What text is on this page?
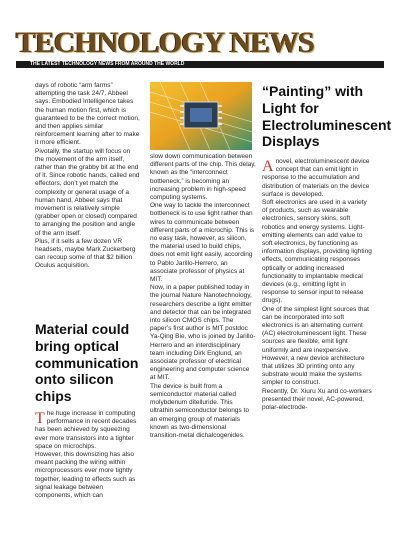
TECHNOLOGY NEWS
THE LATEST TECHNOLOGY NEWS FROM AROUND THE WORLD

days of robotic “arm farms” attempting the task 24/7, Abbeel says. Embodied Intelligence takes the human motion first, which is guaranteed to be the correct motion, and then applies similar reinforcement learning after to make it more efficient.

Pivotally, the startup will focus on the movement of the arm itself, rather than the grabby bit at the end of it. Since robotic hands, called end effectors, don’t yet match the complexity or general usage of a human hand, Abbeel says that movement is relatively simple (grabber open or closed) compared to arranging the position and angle of the arm itself.

Plus, if it sells a few dozen VR headsets, maybe Mark Zuckerberg can recoup some of that $2 billion Oculus acquisition.

Material could bring optical communication onto silicon chips

The huge increase in computing performance in recent decades has been achieved by squeezing ever more transistors into a tighter space on microchips.

However, this downsizing has also meant packing the wiring within microprocessors ever more tightly together, leading to effects such as signal leakage between components, which can

slow down communication between different parts of the chip. This delay, known as the “interconnect bottleneck,” is becoming an increasing problem in high-speed computing systems.

One way to tackle the interconnect bottleneck is to use light rather than wires to communicate between different parts of a microchip. This is no easy task, however, as silicon, the material used to build chips, does not emit light easily, according to Pablo Jarillo-Herrero, an associate professor of physics at MIT.

Now, in a paper published today in the journal Nature Nanotechnology, researchers describe a light emitter and detector that can be integrated into silicon CMOS chips. The paper’s first author is MIT postdoc Ya-Qing Bie, who is joined by Jarillo-Herrero and an interdisciplinary team including Dirk Englund, an associate professor of electrical engineering and computer science at MIT.

The device is built from a semiconductor material called molybdenum ditelluride. This ultrathin semiconductor belongs to an emerging group of materials known as two-dimensional transition-metal dichalcogenides.

“Painting” with Light for Electroluminescent Displays

A novel, electroluminescent device concept that can emit light in response to the accumulation and distribution of materials on the device surface is developed.

Soft electronics are used in a variety of products, such as wearable electronics, sensory skins, soft robotics and energy systems. Light-emitting elements can add value to soft electronics, by functioning as information displays, providing lighting effects, communicating responses optically or adding increased functionality to implantable medical devices (e.g., emitting light in response to sensor input to release drugs).

One of the simplest light sources that can be incorporated into soft electronics is an alternating current (AC) electroluminescent light. These sources are flexible, emit light uniformly and are inexpensive. However, a new device architecture that utilizes 3D printing onto any substrate would make the systems simpler to construct.

Recently, Dr. Xiuru Xu and co-workers presented their novel, AC-powered, polar-electrode-
